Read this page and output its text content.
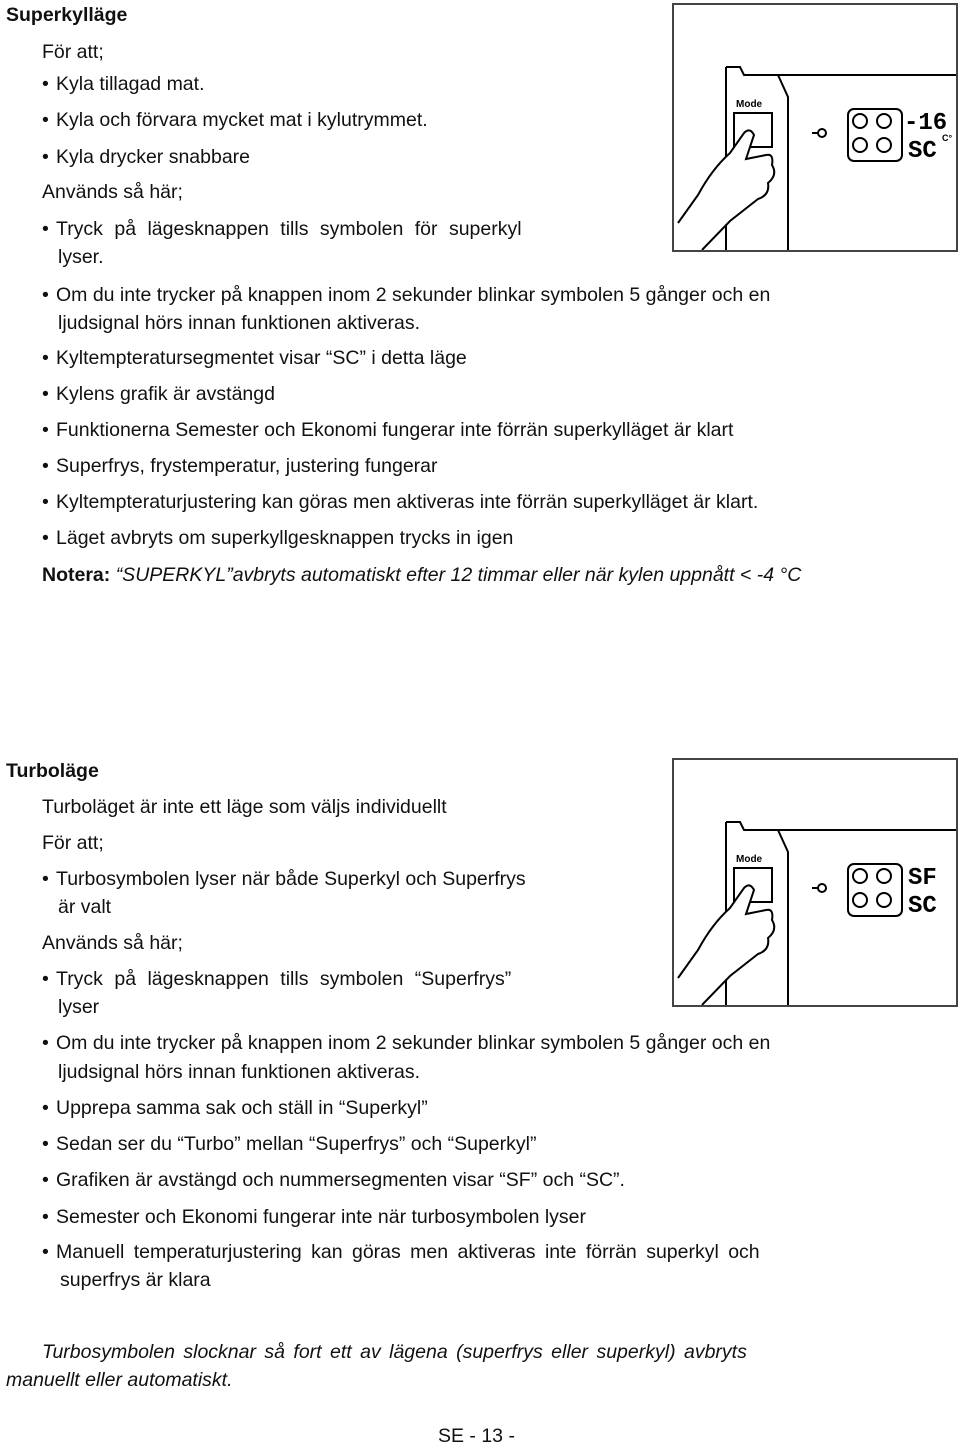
Superkylläge
För att;
• Kyla tillagad mat.
• Kyla och förvara mycket mat i kylutrymmet.
• Kyla drycker snabbare
Används så här;
• Tryck på lägesknappen tills symbolen för superkyl
lyser.
• Om du inte trycker på knappen inom 2 sekunder blinkar symbolen 5 gånger och en
ljudsignal hörs innan funktionen aktiveras.
• Kyltempteratursegmentet visar “SC” i detta läge
• Kylens grafik är avstängd
• Funktionerna Semester och Ekonomi fungerar inte förrän superkylläget är klart
• Superfrys, frystemperatur, justering fungerar
• Kyltempteraturjustering kan göras men aktiveras inte förrän superkylläget är klart.
• Läget avbryts om superkyllgesknappen trycks in igen
Notera: “SUPERKYL”avbryts automatiskt efter 12 timmar eller när kylen uppnått < -4 °C
Mode
-16
SC C°
Turboläge
Turboläget är inte ett läge som väljs individuellt
För att;
• Turbosymbolen lyser när både Superkyl och Superfrys
är valt
Används så här;
• Tryck på lägesknappen tills symbolen “Superfrys”
lyser
• Om du inte trycker på knappen inom 2 sekunder blinkar symbolen 5 gånger och en
ljudsignal hörs innan funktionen aktiveras.
• Upprepa samma sak och ställ in “Superkyl”
• Sedan ser du “Turbo” mellan “Superfrys” och “Superkyl”
• Grafiken är avstängd och nummersegmenten visar “SF” och “SC”.
• Semester och Ekonomi fungerar inte när turbosymbolen lyser
• Manuell temperaturjustering kan göras men aktiveras inte förrän superkyl och
superfrys är klara
Turbosymbolen slocknar så fort ett av lägena (superfrys eller superkyl) avbryts
manuellt eller automatiskt.
Mode
SF
SC
SE - 13 -
